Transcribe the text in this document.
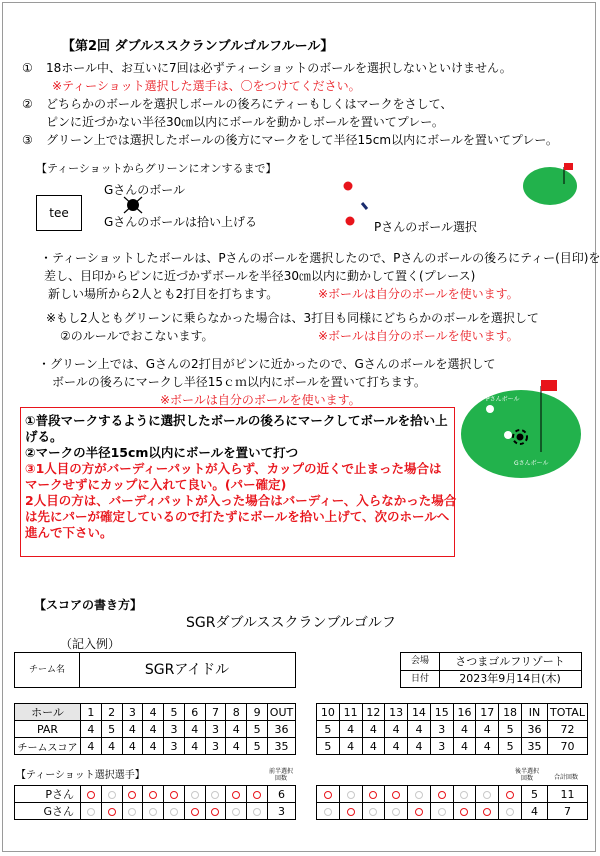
【第2回 ダブルススクランブルゴルフルール】
① 18ホール中、お互いに7回は必ずティーショットのボールを選択しないといけません。
※ティーショット選択した選手は、〇をつけてください。
② どちらかのボールを選択しボールの後ろにティーもしくはマークをさして、
ピンに近づかない半径30㎝以内にボールを動かしボールを置いてプレー。
③ グリーン上では選択したボールの後方にマークをして半径15cm以内にボールを置いてプレー。
【ティーショットからグリーンにオンするまで】
tee
Gさんのボール
Gさんのボールは拾い上げる	Pさんのボール選択
・ティーショットしたボールは、Pさんのボールを選択したので、Pさんのボールの後ろにティー(目印)を
差し、目印からピンに近づかずボールを半径30㎝以内に動かして置く(プレース)
新しい場所から2人とも2打目を打ちます。	※ボールは自分のボールを使います。
※もし2人ともグリーンに乗らなかった場合は、3打目も同様にどちらかのボールを選択して
②のルールでおこないます。	※ボールは自分のボールを使います。
・グリーン上では、Gさんの2打目がピンに近かったので、Gさんのボールを選択して
ボールの後ろにマークし半径15ｃｍ以内にボールを置いて打ちます。
※ボールは自分のボールを使います。	Pさんボール
Gさんボール
①普段マークするように選択したボールの後ろにマークしてボールを拾い上
げる。
②マークの半径15cm以内にボールを置いて打つ
③1人目の方がバーディーパットが入らず、カップの近くで止まった場合は
マークせずにカップに入れて良い。(パー確定)
2人目の方は、バーディパットが入った場合はバーディー、入らなかった場合
は先にパーが確定しているので打たずにボールを拾い上げて、次のホールへ
進んで下さい。
【スコアの書き方】
SGRダブルススクランブルゴルフ
（記入例）
チーム名	SGRアイドル
会場	さつまゴルフリゾート
日付	2023年9月14日(木)
ホール	1	2	3	4	5	6	7	8	9	OUT
PAR	4	5	4	4	3	4	3	4	5	36
チームスコア	4	4	4	4	3	4	3	4	5	35
10	11	12	13	14	15	16	17	18	IN	TOTAL
5	4	4	4	4	3	4	4	5	36	72
5	4	4	4	4	3	4	4	5	35	70
【ティーショット選択選手】	前半選択回数
後半選択回数	合計回数
Pさん										6
Gさん										3
									5	11
									4	7
